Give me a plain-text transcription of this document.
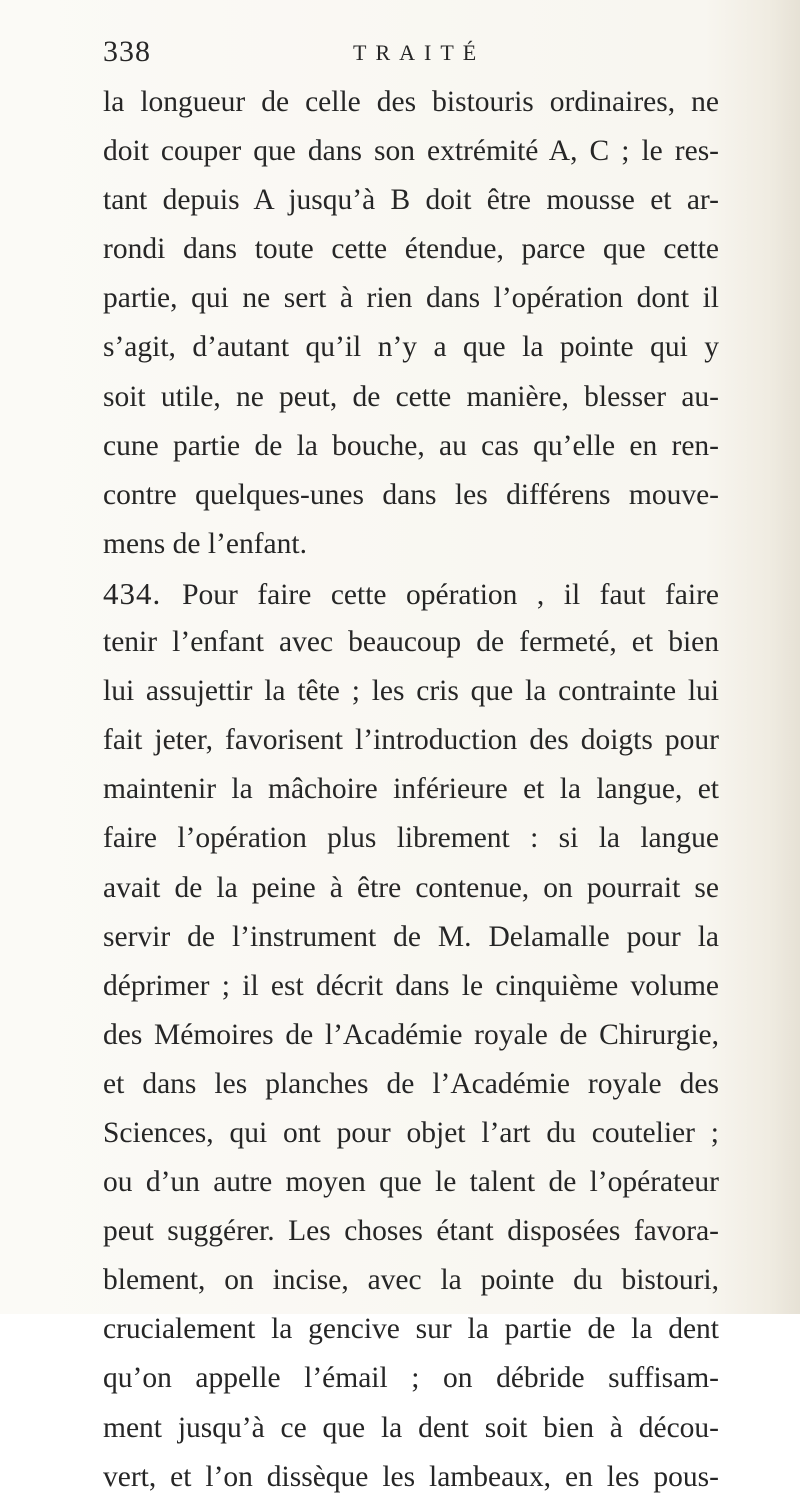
338	TRAITÉ
la longueur de celle des bistouris ordinaires, ne
doit couper que dans son extrémité A, C ; le res-
tant depuis A jusqu’à B doit être mousse et ar-
rondi dans toute cette étendue, parce que cette
partie, qui ne sert à rien dans l’opération dont il
s’agit, d’autant qu’il n’y a que la pointe qui y
soit utile, ne peut, de cette manière, blesser au-
cune partie de la bouche, au cas qu’elle en ren-
contre quelques-unes dans les différens mouve-
mens de l’enfant.
434 . Pour faire cette opération , il faut faire
tenir l’enfant avec beaucoup de fermeté, et bien
lui assujettir la tête ; les cris que la contrainte lui
fait jeter, favorisent l’introduction des doigts pour
maintenir la mâchoire inférieure et la langue, et
faire l’opération plus librement : si la langue
avait de la peine à être contenue, on pourrait se
servir de l’instrument de M. Delamalle pour la
déprimer ; il est décrit dans le cinquième volume
des Mémoires de l’Académie royale de Chirurgie,
et dans les planches de l’Académie royale des
Sciences, qui ont pour objet l’art du coutelier ;
ou d’un autre moyen que le talent de l’opérateur
peut suggérer. Les choses étant disposées favora-
blement, on incise, avec la pointe du bistouri,
crucialement la gencive sur la partie de la dent
qu’on appelle l’émail ; on débride suffisam-
ment jusqu’à ce que la dent soit bien à décou-
vert, et l’on dissèque les lambeaux, en les pous-
